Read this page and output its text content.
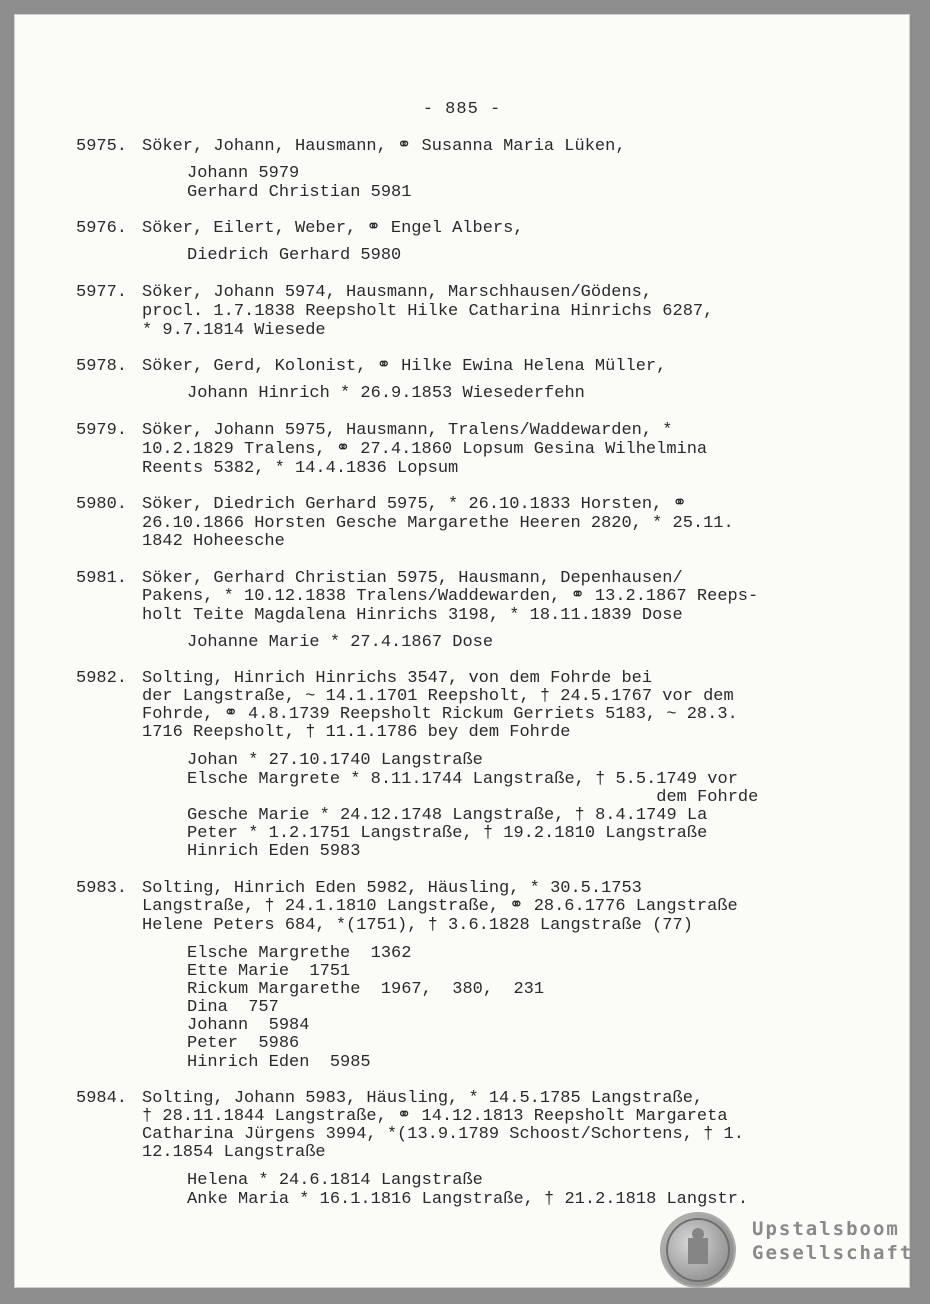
- 885 -
5975. Söker, Johann, Hausmann, ⚭ Susanna Maria Lüken,
Johann 5979
Gerhard Christian 5981
5976. Söker, Eilert, Weber, ⚭ Engel Albers,
Diedrich Gerhard 5980
5977. Söker, Johann 5974, Hausmann, Marschhausen/Gödens,
procl. 1.7.1838 Reepsholt Hilke Catharina Hinrichs 6287,
* 9.7.1814 Wiesede
5978. Söker, Gerd, Kolonist, ⚭ Hilke Ewina Helena Müller,
Johann Hinrich * 26.9.1853 Wiesederfehn
5979. Söker, Johann 5975, Hausmann, Tralens/Waddewarden, *
10.2.1829 Tralens, ⚭ 27.4.1860 Lopsum Gesina Wilhelmina
Reents 5382, * 14.4.1836 Lopsum
5980. Söker, Diedrich Gerhard 5975, * 26.10.1833 Horsten, ⚭
26.10.1866 Horsten Gesche Margarethe Heeren 2820, * 25.11.
1842 Hoheesche
5981. Söker, Gerhard Christian 5975, Hausmann, Depenhausen/
Pakens, * 10.12.1838 Tralens/Waddewarden, ⚭ 13.2.1867 Reeps-
holt Teite Magdalena Hinrichs 3198, * 18.11.1839 Dose
Johanne Marie * 27.4.1867 Dose
5982. Solting, Hinrich Hinrichs 3547, von dem Fohrde bei
der Langstraße, ~ 14.1.1701 Reepsholt, † 24.5.1767 vor dem
Fohrde, ⚭ 4.8.1739 Reepsholt Rickum Gerriets 5183, ~ 28.3.
1716 Reepsholt, † 11.1.1786 bey dem Fohrde
Johan * 27.10.1740 Langstraße
Elsche Margrete * 8.11.1744 Langstraße, † 5.5.1749 vor
dem Fohrde
Gesche Marie * 24.12.1748 Langstraße, † 8.4.1749 La
Peter * 1.2.1751 Langstraße, † 19.2.1810 Langstraße
Hinrich Eden 5983
5983. Solting, Hinrich Eden 5982, Häusling, * 30.5.1753
Langstraße, † 24.1.1810 Langstraße, ⚭ 28.6.1776 Langstraße
Helene Peters 684, *(1751), † 3.6.1828 Langstraße (77)
Elsche Margrethe  1362
Ette Marie  1751
Rickum Margarethe  1967,  380,  231
Dina  757
Johann  5984
Peter  5986
Hinrich Eden  5985
5984. Solting, Johann 5983, Häusling, * 14.5.1785 Langstraße,
† 28.11.1844 Langstraße, ⚭ 14.12.1813 Reepsholt Margareta
Catharina Jürgens 3994, *(13.9.1789 Schoost/Schortens, † 1.
12.1854 Langstraße
Helena * 24.6.1814 Langstraße
Anke Maria * 16.1.1816 Langstraße, † 21.2.1818 Langstr.
Upstalsboom
Gesellschaft
